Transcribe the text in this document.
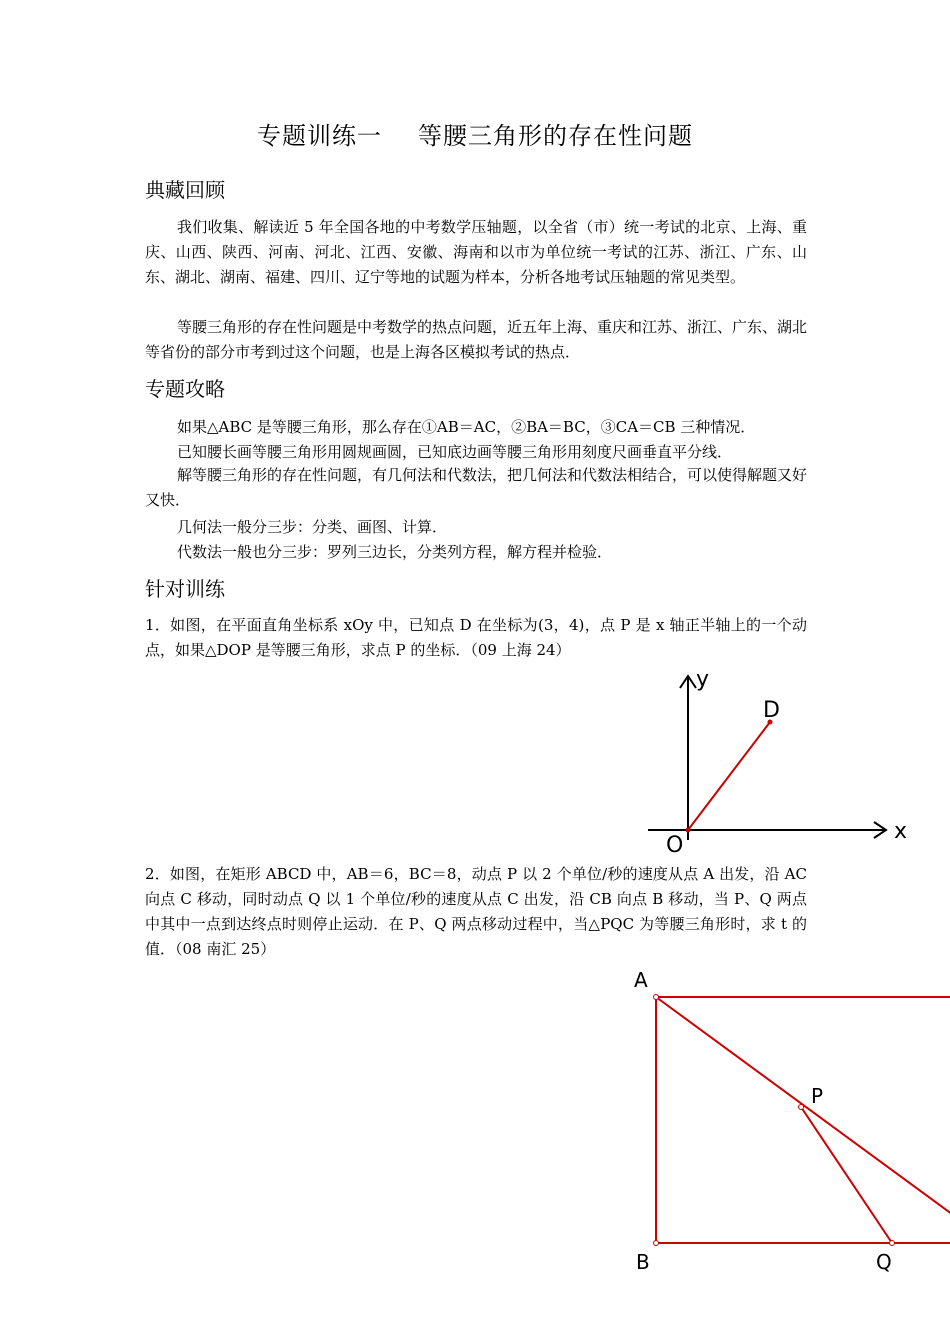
专题训练一 等腰三角形的存在性问题
典藏回顾

我们收集、解读近 5 年全国各地的中考数学压轴题，以全省（市）统一考试的北京、上海、重庆、山西、陕西、河南、河北、江西、安徽、海南和以市为单位统一考试的江苏、浙江、广东、山东、湖北、湖南、福建、四川、辽宁等地的试题为样本，分析各地考试压轴题的常见类型。

等腰三角形的存在性问题是中考数学的热点问题，近五年上海、重庆和江苏、浙江、广东、湖北等省份的部分市考到过这个问题，也是上海各区模拟考试的热点．

专题攻略
如果△ABC 是等腰三角形，那么存在①AB＝AC，②BA＝BC，③CA＝CB 三种情况．
已知腰长画等腰三角形用圆规画圆，已知底边画等腰三角形用刻度尺画垂直平分线．

解等腰三角形的存在性问题，有几何法和代数法，把几何法和代数法相结合，可以使得解题又好又快．

几何法一般分三步：分类、画图、计算．
代数法一般也分三步：罗列三边长，分类列方程，解方程并检验．
针对训练

1．如图，在平面直角坐标系 xOy 中，已知点 D 在坐标为(3，4)，点 P 是 x 轴正半轴上的一个动点，如果△DOP 是等腰三角形，求点 P 的坐标．（09 上海 24）

y
D
O
x

2．如图，在矩形 ABCD 中，AB＝6，BC＝8，动点 P 以 2 个单位/秒的速度从点 A 出发，沿 AC 向点 C 移动，同时动点 Q 以 1 个单位/秒的速度从点 C 出发，沿 CB 向点 B 移动，当 P、Q 两点中其中一点到达终点时则停止运动．在 P、Q 两点移动过程中，当△PQC 为等腰三角形时，求 t 的值．（08 南汇 25）

A
P
B	Q
